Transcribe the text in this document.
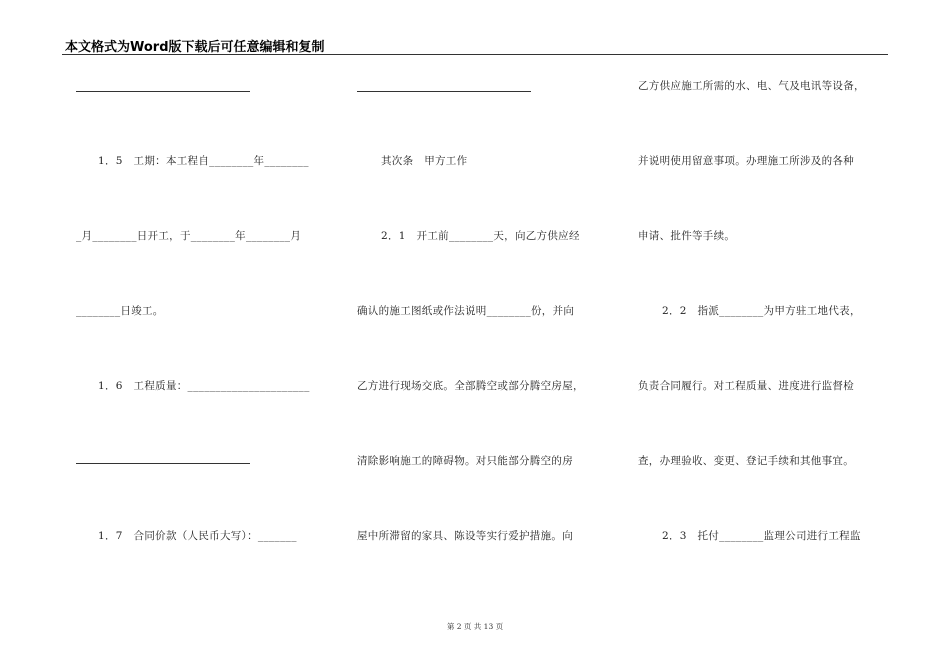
本文格式为Word版下载后可任意编辑和复制
1．5　工期：本工程自________年________
_月________日开工，于________年________月
________日竣工。
1．6　工程质量：______________________
1．7　合同价款（人民币大写）：_______
其次条　甲方工作
2．1　开工前________天，向乙方供应经
确认的施工图纸或作法说明________份，并向
乙方进行现场交底。全部腾空或部分腾空房屋，
清除影响施工的障碍物。对只能部分腾空的房
屋中所滞留的家具、陈设等实行爱护措施。向
乙方供应施工所需的水、电、气及电讯等设备，
并说明使用留意事项。办理施工所涉及的各种
申请、批件等手续。
2．2　指派________为甲方驻工地代表，
负责合同履行。对工程质量、进度进行监督检
查，办理验收、变更、登记手续和其他事宜。
2．3　托付________监理公司进行工程监
第 2 页 共 13 页
